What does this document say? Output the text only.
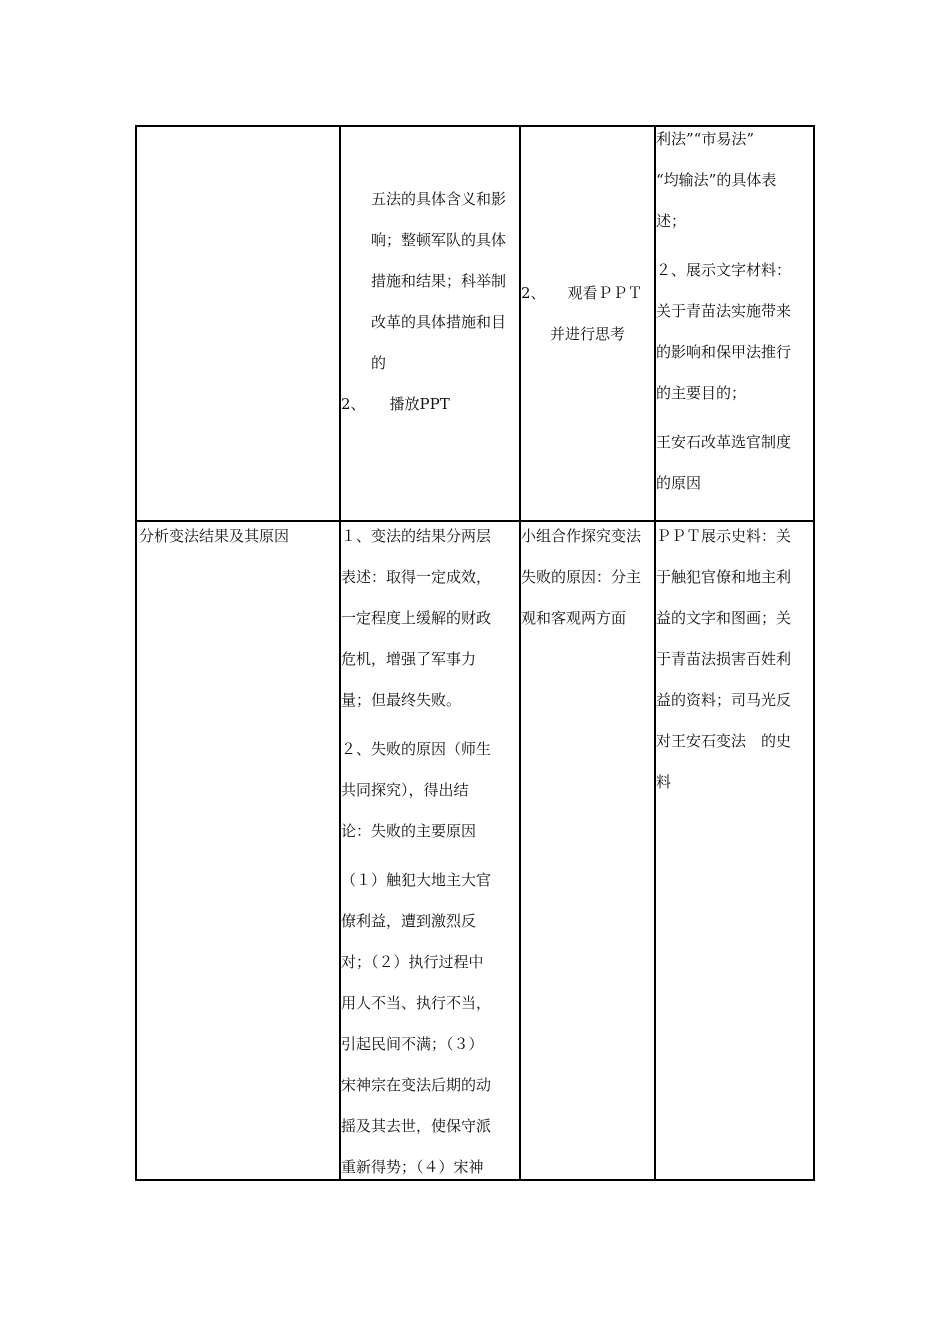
五法的具体含义和影

响；整顿军队的具体

措施和结果；科举制

改革的具体措施和目

的

2、 播放PPT

2、 观看ＰＰＴ

并进行思考

利法”“市易法”

“均输法”的具体表

述；

２、展示文字材料：

关于青苗法实施带来

的影响和保甲法推行

的主要目的；

王安石改革选官制度

的原因

分析变法结果及其原因	１、变法的结果分两层

表述：取得一定成效，

一定程度上缓解的财政

危机，增强了军事力

量；但最终失败。

２、失败的原因（师生

共同探究），得出结

论：失败的主要原因

（１）触犯大地主大官

僚利益，遭到激烈反

对；（２）执行过程中

用人不当、执行不当，

引起民间不满；（３）

宋神宗在变法后期的动

摇及其去世，使保守派

重新得势；（４）宋神

小组合作探究变法

失败的原因：分主

观和客观两方面

ＰＰＴ展示史料：关

于触犯官僚和地主利

益的文字和图画；关

于青苗法损害百姓利

益的资料；司马光反

对王安石变法　的史

料
